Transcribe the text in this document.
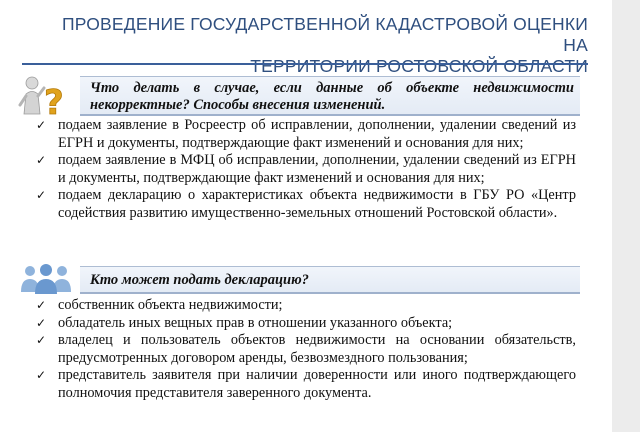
ПРОВЕДЕНИЕ ГОСУДАРСТВЕННОЙ КАДАСТРОВОЙ ОЦЕНКИ НА
ТЕРРИТОРИИ РОСТОВСКОЙ ОБЛАСТИ
?	Что делать в случае, если данные об объекте недвижимости некорректные? Способы внесения изменений.
✓ подаем заявление в Росреестр об исправлении, дополнении, удалении сведений из ЕГРН и документы, подтверждающие факт изменений и основания для них;
✓ подаем заявление в МФЦ об исправлении, дополнении, удалении сведений из ЕГРН и документы, подтверждающие факт изменений и основания для них;
✓ подаем декларацию о характеристиках объекта недвижимости в ГБУ РО «Центр содействия развитию имущественно-земельных отношений Ростовской области».
Кто может подать декларацию?
✓ собственник объекта недвижимости;
✓ обладатель иных вещных прав в отношении указанного объекта;
✓ владелец и пользователь объектов недвижимости на основании обязательств, предусмотренных договором аренды, безвозмездного пользования;
✓ представитель заявителя при наличии доверенности или иного подтверждающего полномочия представителя заверенного документа.
